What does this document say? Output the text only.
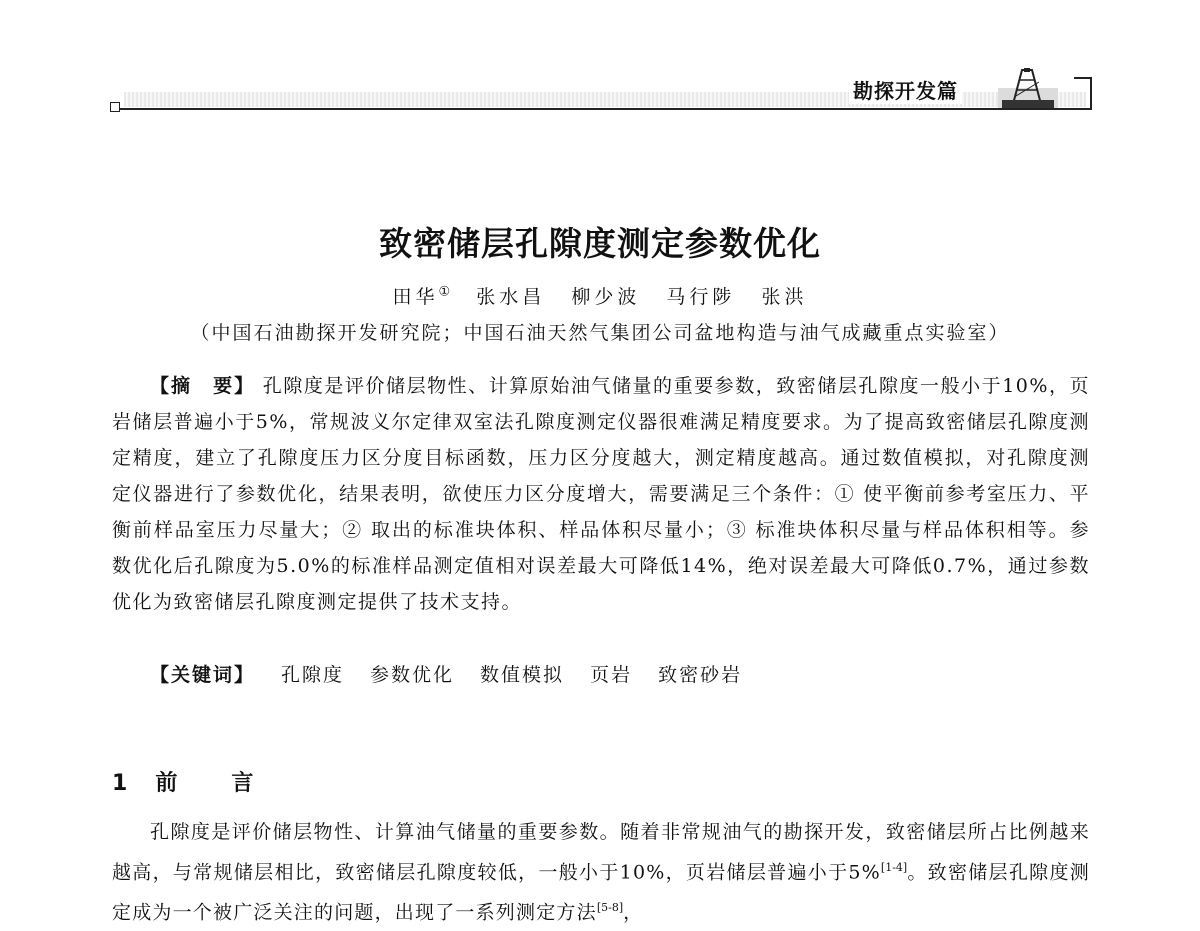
勘探开发篇
致密储层孔隙度测定参数优化
田华① 张水昌 柳少波 马行陟 张洪
（中国石油勘探开发研究院；中国石油天然气集团公司盆地构造与油气成藏重点实验室）

【摘　要】 孔隙度是评价储层物性、计算原始油气储量的重要参数，致密储层孔隙度一般小于10%，页岩储层普遍小于5%，常规波义尔定律双室法孔隙度测定仪器很难满足精度要求。为了提高致密储层孔隙度测定精度，建立了孔隙度压力区分度目标函数，压力区分度越大，测定精度越高。通过数值模拟，对孔隙度测定仪器进行了参数优化，结果表明，欲使压力区分度增大，需要满足三个条件：① 使平衡前参考室压力、平衡前样品室压力尽量大；② 取出的标准块体积、样品体积尽量小；③ 标准块体积尽量与样品体积相等。参数优化后孔隙度为5.0%的标准样品测定值相对误差最大可降低14%，绝对误差最大可降低0.7%，通过参数优化为致密储层孔隙度测定提供了技术支持。

【关键词】 孔隙度 参数优化 数值模拟 页岩 致密砂岩
1 前言

孔隙度是评价储层物性、计算油气储量的重要参数。随着非常规油气的勘探开发，致密储层所占比例越来越高，与常规储层相比，致密储层孔隙度较低，一般小于10%，页岩储层普遍小于5%[1-4]。致密储层孔隙度测定成为一个被广泛关注的问题，出现了一系列测定方法[5-8]，
